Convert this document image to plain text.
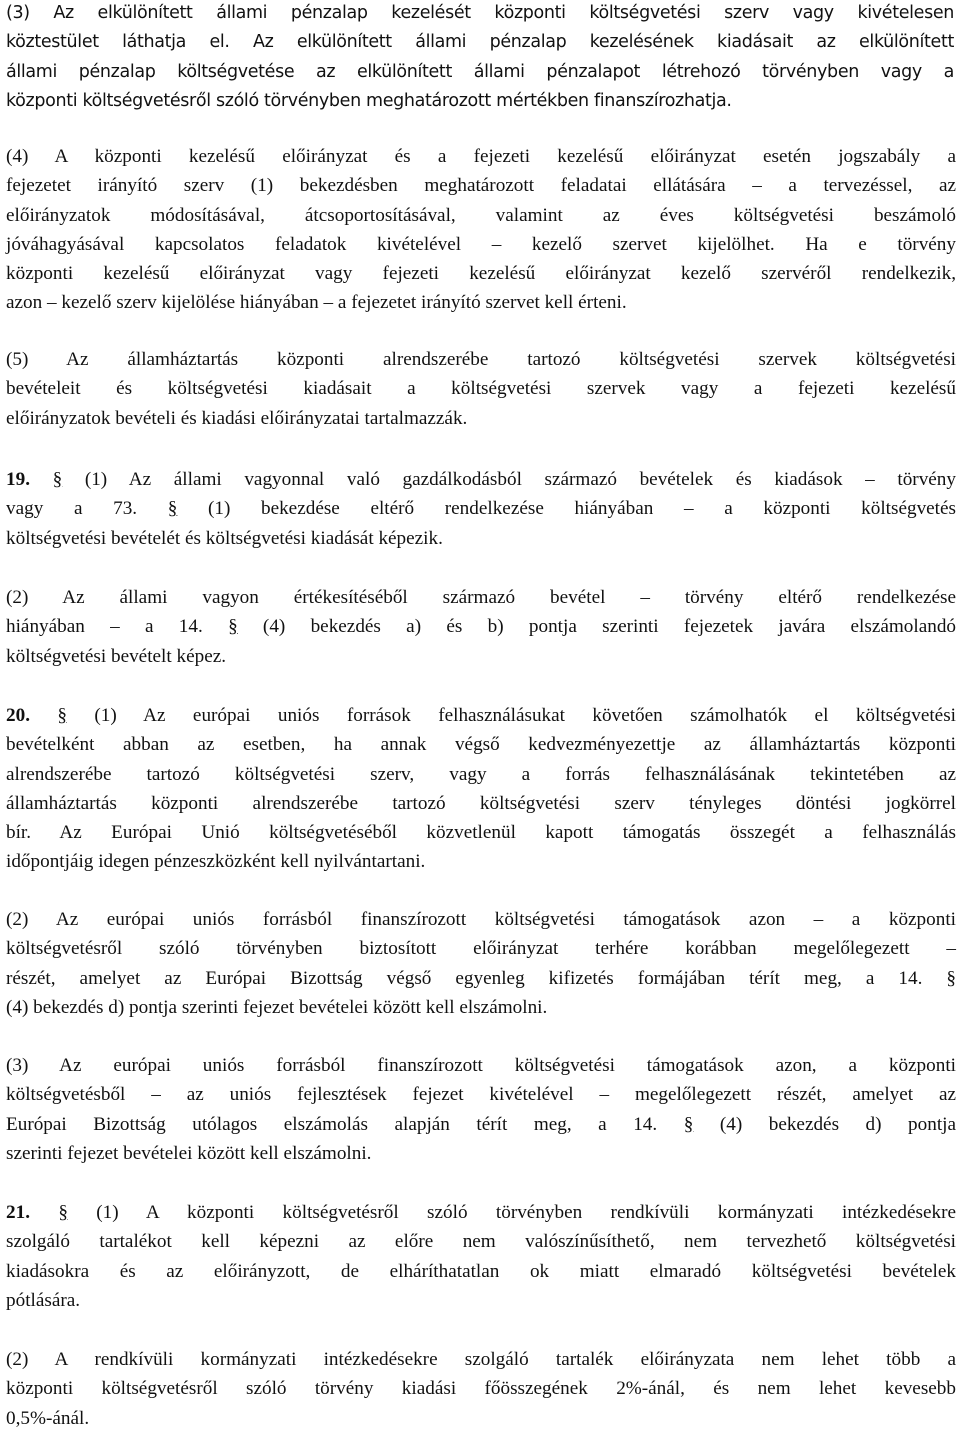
(3) Az elkülönített állami pénzalap kezelését központi költségvetési szerv vagy kivételesen
köztestület láthatja el. Az elkülönített állami pénzalap kezelésének kiadásait az elkülönített
állami pénzalap költségvetése az elkülönített állami pénzalapot létrehozó törvényben vagy a
központi költségvetésről szóló törvényben meghatározott mértékben finanszírozhatja.
(4) A központi kezelésű előirányzat és a fejezeti kezelésű előirányzat esetén jogszabály a
fejezetet irányító szerv (1) bekezdésben meghatározott feladatai ellátására – a tervezéssel, az
előirányzatok módosításával, átcsoportosításával, valamint az éves költségvetési beszámoló
jóváhagyásával kapcsolatos feladatok kivételével – kezelő szervet kijelölhet. Ha e törvény
központi kezelésű előirányzat vagy fejezeti kezelésű előirányzat kezelő szervéről rendelkezik,
azon – kezelő szerv kijelölése hiányában – a fejezetet irányító szervet kell érteni.
(5) Az államháztartás központi alrendszerébe tartozó költségvetési szervek költségvetési
bevételeit és költségvetési kiadásait a költségvetési szervek vagy a fejezeti kezelésű
előirányzatok bevételi és kiadási előirányzatai tartalmazzák.
19. § (1) Az állami vagyonnal való gazdálkodásból származó bevételek és kiadások – törvény
vagy a 73. § (1) bekezdése eltérő rendelkezése hiányában – a központi költségvetés
költségvetési bevételét és költségvetési kiadását képezik.
(2) Az állami vagyon értékesítéséből származó bevétel – törvény eltérő rendelkezése
hiányában – a 14. § (4) bekezdés a) és b) pontja szerinti fejezetek javára elszámolandó
költségvetési bevételt képez.
20. § (1) Az európai uniós források felhasználásukat követően számolhatók el költségvetési
bevételként abban az esetben, ha annak végső kedvezményezettje az államháztartás központi
alrendszerébe tartozó költségvetési szerv, vagy a forrás felhasználásának tekintetében az
államháztartás központi alrendszerébe tartozó költségvetési szerv tényleges döntési jogkörrel
bír. Az Európai Unió költségvetéséből közvetlenül kapott támogatás összegét a felhasználás
időpontjáig idegen pénzeszközként kell nyilvántartani.
(2) Az európai uniós forrásból finanszírozott költségvetési támogatások azon – a központi
költségvetésről szóló törvényben biztosított előirányzat terhére korábban megelőlegezett –
részét, amelyet az Európai Bizottság végső egyenleg kifizetés formájában térít meg, a 14. §
(4) bekezdés d) pontja szerinti fejezet bevételei között kell elszámolni.
(3) Az európai uniós forrásból finanszírozott költségvetési támogatások azon, a központi
költségvetésből – az uniós fejlesztések fejezet kivételével – megelőlegezett részét, amelyet az
Európai Bizottság utólagos elszámolás alapján térít meg, a 14. § (4) bekezdés d) pontja
szerinti fejezet bevételei között kell elszámolni.
21. § (1) A központi költségvetésről szóló törvényben rendkívüli kormányzati intézkedésekre
szolgáló tartalékot kell képezni az előre nem valószínűsíthető, nem tervezhető költségvetési
kiadásokra és az előirányzott, de elháríthatatlan ok miatt elmaradó költségvetési bevételek
pótlására.
(2) A rendkívüli kormányzati intézkedésekre szolgáló tartalék előirányzata nem lehet több a
központi költségvetésről szóló törvény kiadási főösszegének 2%-ánál, és nem lehet kevesebb
0,5%-ánál.
